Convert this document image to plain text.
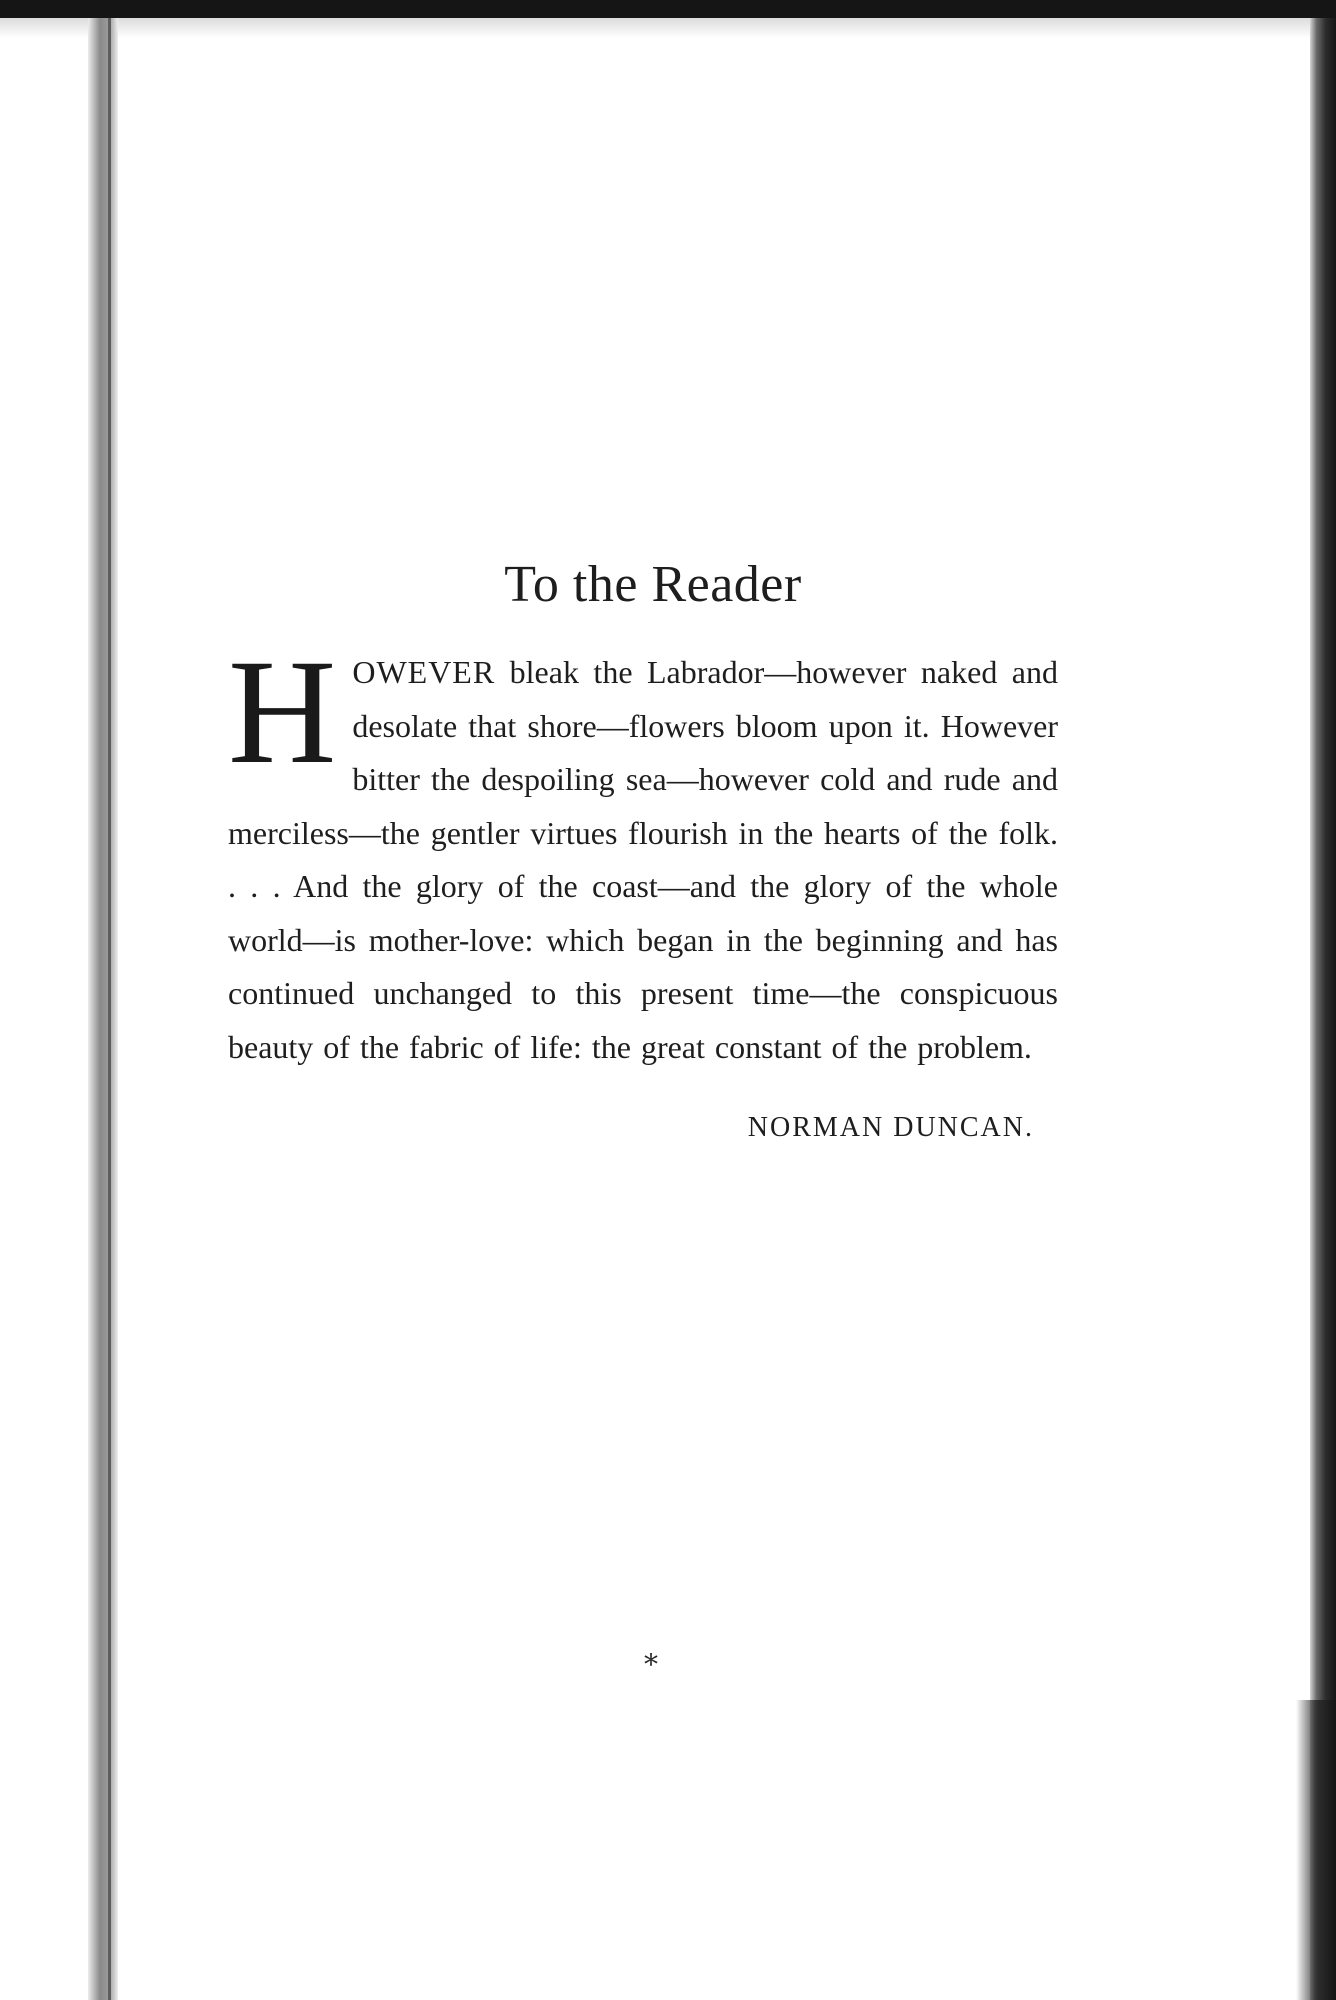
To the Reader

HOWEVER bleak the Labrador—however naked and desolate that shore—flowers bloom upon it. However bitter the despoiling sea—however cold and rude and merciless—the gentler virtues flourish in the hearts of the folk. . . . And the glory of the coast—and the glory of the whole world—is mother-love: which began in the beginning and has continued unchanged to this present time—the conspicuous beauty of the fabric of life: the great constant of the problem.

NORMAN DUNCAN.
*
